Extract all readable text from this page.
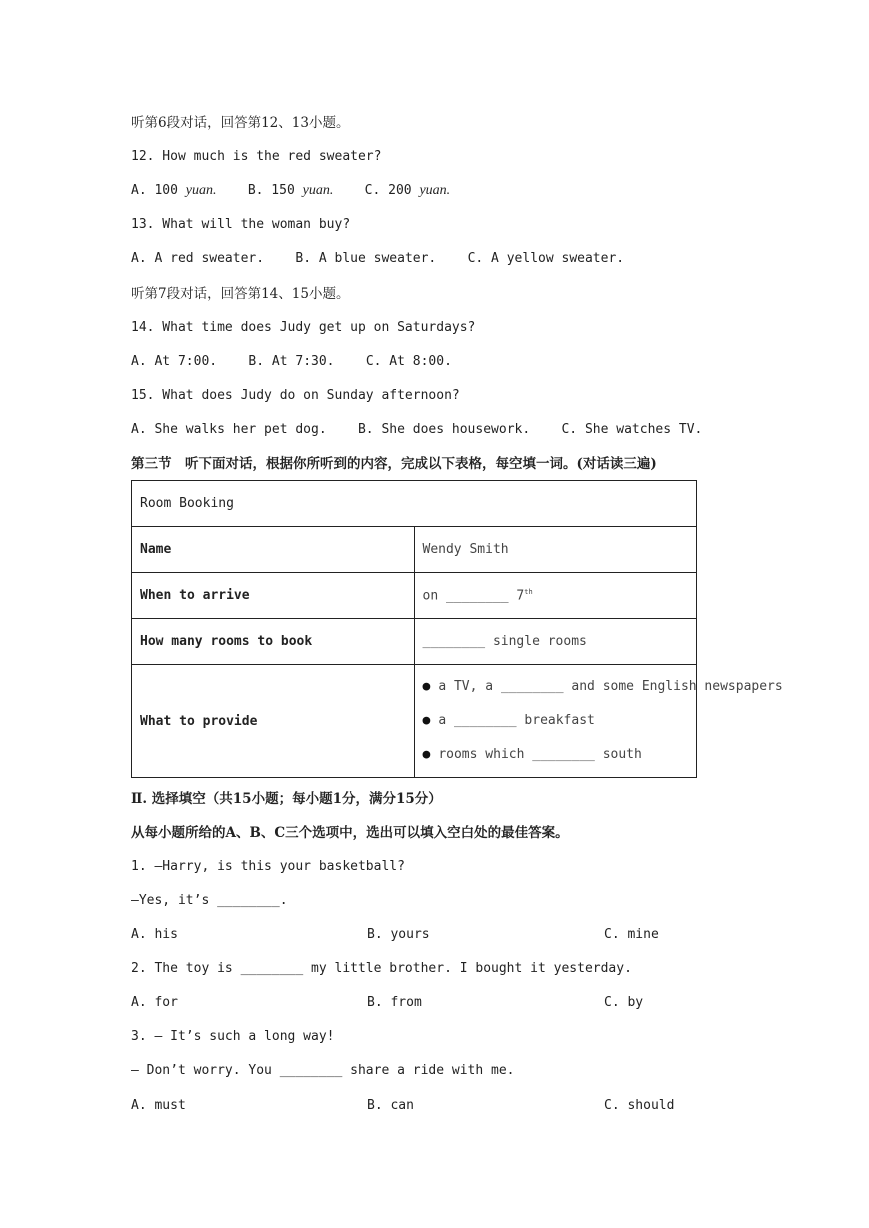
听第6段对话，回答第12、13小题。
12. How much is the red sweater?
A. 100 yuan. B. 150 yuan. C. 200 yuan.
13. What will the woman buy?
A. A red sweater. B. A blue sweater. C. A yellow sweater.
听第7段对话，回答第14、15小题。
14. What time does Judy get up on Saturdays?
A. At 7:00. B. At 7:30. C. At 8:00.
15. What does Judy do on Sunday afternoon?
A. She walks her pet dog. B. She does housework. C. She watches TV.
第三节　听下面对话，根据你所听到的内容，完成以下表格，每空填一词。(对话读三遍)
Room Booking	
Name	Wendy Smith
When to arrive	on ________ 7th
How many rooms to book	________ single rooms
What to provide	● a TV, a ________ and some English newspapers
● a ________ breakfast
● rooms which ________ south
Ⅱ. 选择填空（共15小题；每小题1分，满分15分）
从每小题所给的A、B、C三个选项中，选出可以填入空白处的最佳答案。
1. —Harry, is this your basketball?
—Yes, it’s ________.
A. his	B. yours	C. mine
2. The toy is ________ my little brother. I bought it yesterday.
A. for	B. from	C. by
3. — It’s such a long way!
— Don’t worry. You ________ share a ride with me.
A. must	B. can	C. should
